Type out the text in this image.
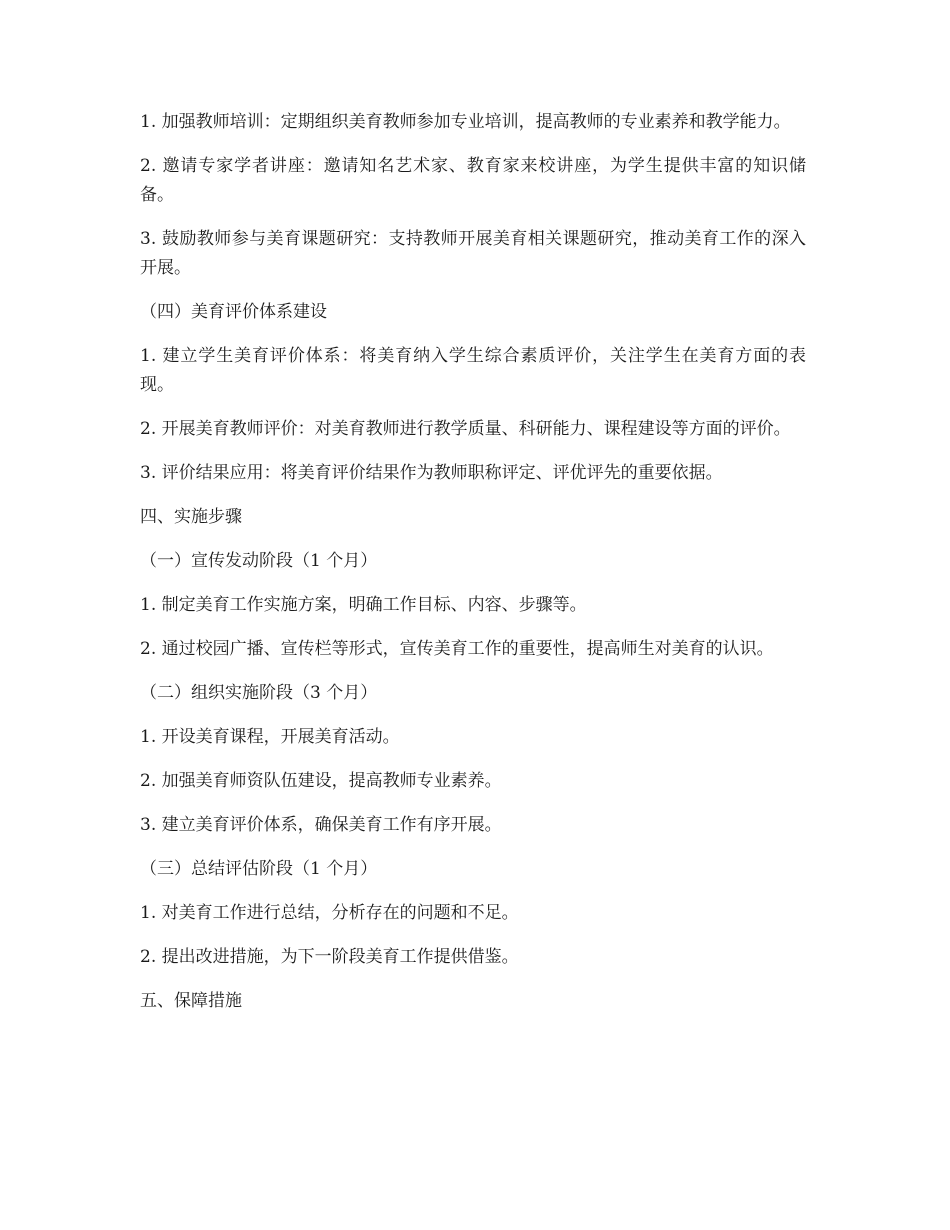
1. 加强教师培训：定期组织美育教师参加专业培训，提高教师的专业素养和教学能力。

2. 邀请专家学者讲座：邀请知名艺术家、教育家来校讲座，为学生提供丰富的知识储备。

3. 鼓励教师参与美育课题研究：支持教师开展美育相关课题研究，推动美育工作的深入开展。

（四）美育评价体系建设

1. 建立学生美育评价体系：将美育纳入学生综合素质评价，关注学生在美育方面的表现。

2. 开展美育教师评价：对美育教师进行教学质量、科研能力、课程建设等方面的评价。

3. 评价结果应用：将美育评价结果作为教师职称评定、评优评先的重要依据。

四、实施步骤

（一）宣传发动阶段（1 个月）

1. 制定美育工作实施方案，明确工作目标、内容、步骤等。

2. 通过校园广播、宣传栏等形式，宣传美育工作的重要性，提高师生对美育的认识。

（二）组织实施阶段（3 个月）

1. 开设美育课程，开展美育活动。

2. 加强美育师资队伍建设，提高教师专业素养。

3. 建立美育评价体系，确保美育工作有序开展。

（三）总结评估阶段（1 个月）

1. 对美育工作进行总结，分析存在的问题和不足。

2. 提出改进措施，为下一阶段美育工作提供借鉴。

五、保障措施
